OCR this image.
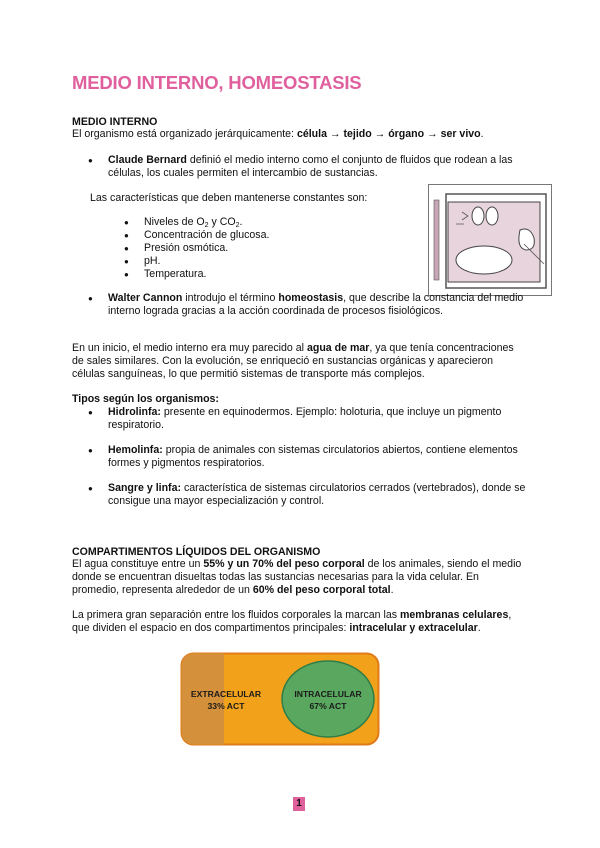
MEDIO INTERNO, HOMEOSTASIS
MEDIO INTERNO

El organismo está organizado jerárquicamente: célula → tejido → órgano → ser vivo.

● Claude Bernard definió el medio interno como el conjunto de fluidos que rodean a las células, los cuales permiten el intercambio de sustancias.

Las características que deben mantenerse constantes son:

● Niveles de $O_2$ y $CO_2$.
● Concentración de glucosa.
● Presión osmótica.
● pH.
● Temperatura.
● Walter Cannon introdujo el término homeostasis, que describe la constancia del medio interno lograda gracias a la acción coordinada de procesos fisiológicos.

En un inicio, el medio interno era muy parecido al agua de mar, ya que tenía concentraciones de sales similares. Con la evolución, se enriqueció en sustancias orgánicas y aparecieron células sanguíneas, lo que permitió sistemas de transporte más complejos.

Tipos según los organismos:
● Hidrolinfa: presente en equinodermos. Ejemplo: holoturia, que incluye un pigmento respiratorio.
● Hemolinfa: propia de animales con sistemas circulatorios abiertos, contiene elementos formes y pigmentos respiratorios.
● Sangre y linfa: característica de sistemas circulatorios cerrados (vertebrados), donde se consigue una mayor especialización y control.
COMPARTIMENTOS LÍQUIDOS DEL ORGANISMO

El agua constituye entre un 55% y un 70% del peso corporal de los animales, siendo el medio donde se encuentran disueltas todas las sustancias necesarias para la vida celular. En promedio, representa alrededor de un 60% del peso corporal total.

La primera gran separación entre los fluidos corporales la marcan las membranas celulares, que dividen el espacio en dos compartimentos principales: intracelular y extracelular.

EXTRACELULAR
33% ACT
INTRACELULAR
67% ACT
1
